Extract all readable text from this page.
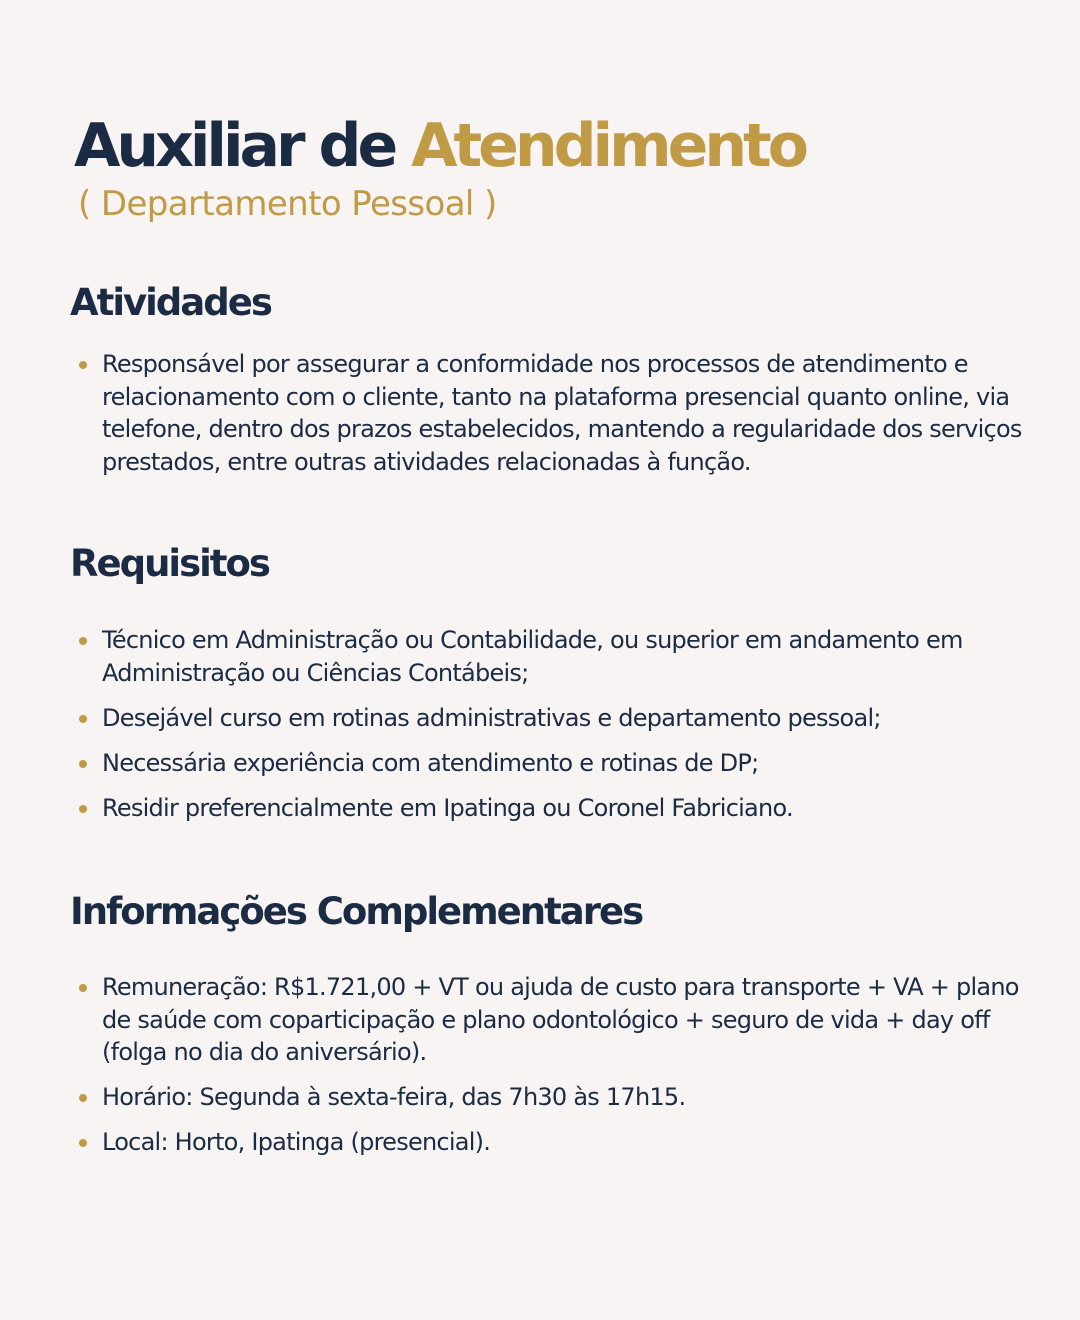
Auxiliar de Atendimento
( Departamento Pessoal )
Atividades
Responsável por assegurar a conformidade nos processos de atendimento e relacionamento com o cliente, tanto na plataforma presencial quanto online, via telefone, dentro dos prazos estabelecidos, mantendo a regularidade dos serviços prestados, entre outras atividades relacionadas à função.
Requisitos
Técnico em Administração ou Contabilidade, ou superior em andamento em Administração ou Ciências Contábeis;
Desejável curso em rotinas administrativas e departamento pessoal;
Necessária experiência com atendimento e rotinas de DP;
Residir preferencialmente em Ipatinga ou Coronel Fabriciano.
Informações Complementares
Remuneração: R$1.721,00 + VT ou ajuda de custo para transporte + VA + plano de saúde com coparticipação e plano odontológico + seguro de vida + day off (folga no dia do aniversário).
Horário: Segunda à sexta-feira, das 7h30 às 17h15.
Local: Horto, Ipatinga (presencial).
